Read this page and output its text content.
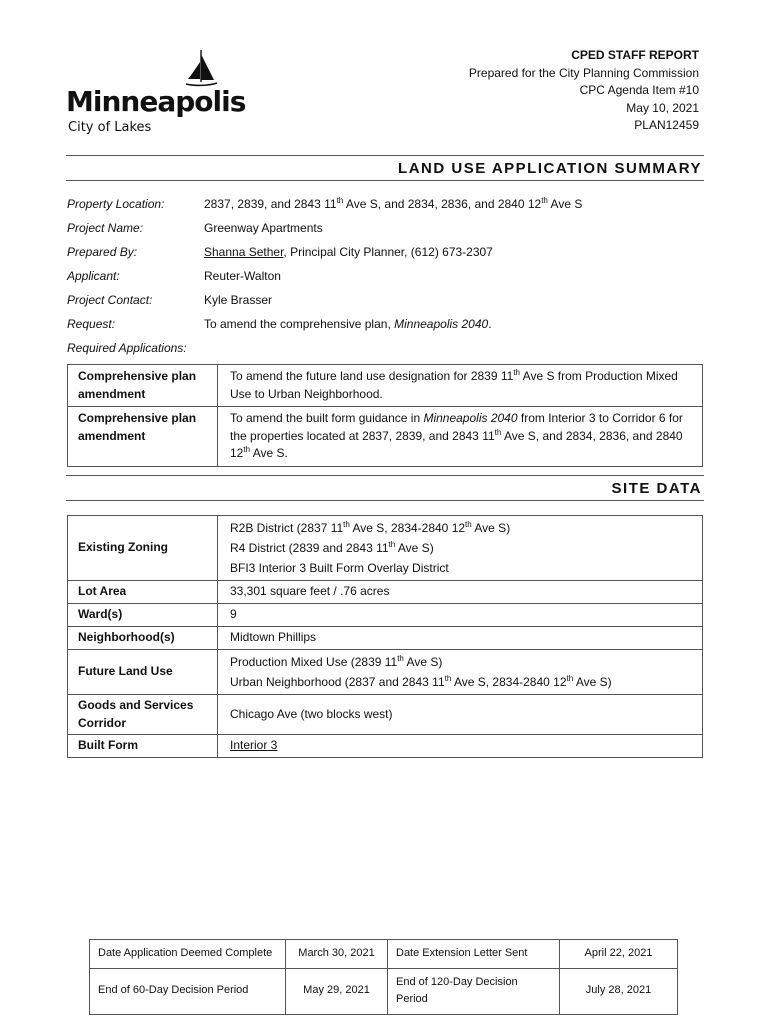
Minneapolis
City of Lakes
CPED STAFF REPORT
Prepared for the City Planning Commission
CPC Agenda Item #10
May 10, 2021
PLAN12459
LAND USE APPLICATION SUMMARY
Property Location:	2837, 2839, and 2843 11th Ave S, and 2834, 2836, and 2840 12th Ave S
Project Name:	Greenway Apartments
Prepared By:	Shanna Sether, Principal City Planner, (612) 673-2307
Applicant:	Reuter-Walton
Project Contact:	Kyle Brasser
Request:	To amend the comprehensive plan, Minneapolis 2040.
Required Applications:
Comprehensive plan amendment	To amend the future land use designation for 2839 11th Ave S from Production Mixed Use to Urban Neighborhood.
Comprehensive plan amendment	To amend the built form guidance in Minneapolis 2040 from Interior 3 to Corridor 6 for the properties located at 2837, 2839, and 2843 11th Ave S, and 2834, 2836, and 2840 12th Ave S.
SITE DATA
Existing Zoning	R2B District (2837 11th Ave S, 2834-2840 12th Ave S)
R4 District (2839 and 2843 11th Ave S)
BFI3 Interior 3 Built Form Overlay District

Lot Area	33,301 square feet / .76 acres
Ward(s)	9
Neighborhood(s)	Midtown Phillips
Future Land Use	Production Mixed Use (2839 11th Ave S)
Urban Neighborhood (2837 and 2843 11th Ave S, 2834-2840 12th Ave S)

Goods and Services Corridor	Chicago Ave (two blocks west)
Built Form	Interior 3
Date Application Deemed Complete	March 30, 2021	Date Extension Letter Sent	April 22, 2021
End of 60-Day Decision Period	May 29, 2021	End of 120-Day Decision Period	July 28, 2021
